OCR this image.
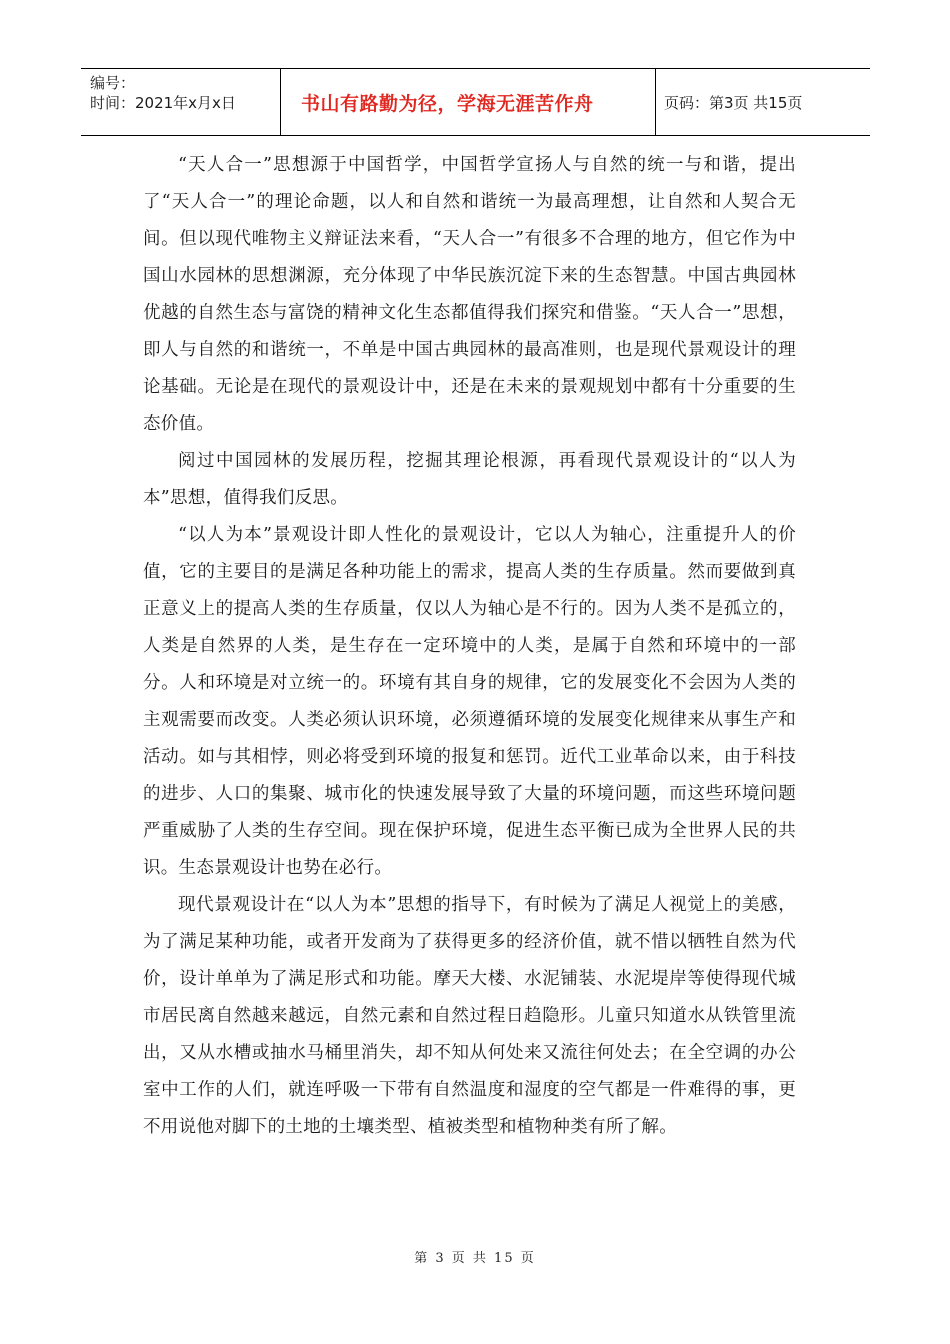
编号：
时间：2021年x月x日	书山有路勤为径，学海无涯苦作舟	页码：第3页 共15页

“天人合一”思想源于中国哲学，中国哲学宣扬人与自然的统一与和谐，提出了“天人合一”的理论命题，以人和自然和谐统一为最高理想，让自然和人契合无间。但以现代唯物主义辩证法来看，“天人合一”有很多不合理的地方，但它作为中国山水园林的思想渊源，充分体现了中华民族沉淀下来的生态智慧。中国古典园林优越的自然生态与富饶的精神文化生态都值得我们探究和借鉴。“天人合一”思想，即人与自然的和谐统一，不单是中国古典园林的最高准则，也是现代景观设计的理论基础。无论是在现代的景观设计中，还是在未来的景观规划中都有十分重要的生态价值。

阅过中国园林的发展历程，挖掘其理论根源，再看现代景观设计的“以人为本”思想，值得我们反思。

“以人为本”景观设计即人性化的景观设计，它以人为轴心，注重提升人的价值，它的主要目的是满足各种功能上的需求，提高人类的生存质量。然而要做到真正意义上的提高人类的生存质量，仅以人为轴心是不行的。因为人类不是孤立的，人类是自然界的人类，是生存在一定环境中的人类，是属于自然和环境中的一部分。人和环境是对立统一的。环境有其自身的规律，它的发展变化不会因为人类的主观需要而改变。人类必须认识环境，必须遵循环境的发展变化规律来从事生产和活动。如与其相悖，则必将受到环境的报复和惩罚。近代工业革命以来，由于科技的进步、人口的集聚、城市化的快速发展导致了大量的环境问题，而这些环境问题严重威胁了人类的生存空间。现在保护环境，促进生态平衡已成为全世界人民的共识。生态景观设计也势在必行。

现代景观设计在“以人为本”思想的指导下，有时候为了满足人视觉上的美感，为了满足某种功能，或者开发商为了获得更多的经济价值，就不惜以牺牲自然为代价，设计单单为了满足形式和功能。摩天大楼、水泥铺装、水泥堤岸等使得现代城市居民离自然越来越远，自然元素和自然过程日趋隐形。儿童只知道水从铁管里流出，又从水槽或抽水马桶里消失，却不知从何处来又流往何处去；在全空调的办公室中工作的人们，就连呼吸一下带有自然温度和湿度的空气都是一件难得的事，更不用说他对脚下的土地的土壤类型、植被类型和植物种类有所了解。

第 3 页 共 15 页
